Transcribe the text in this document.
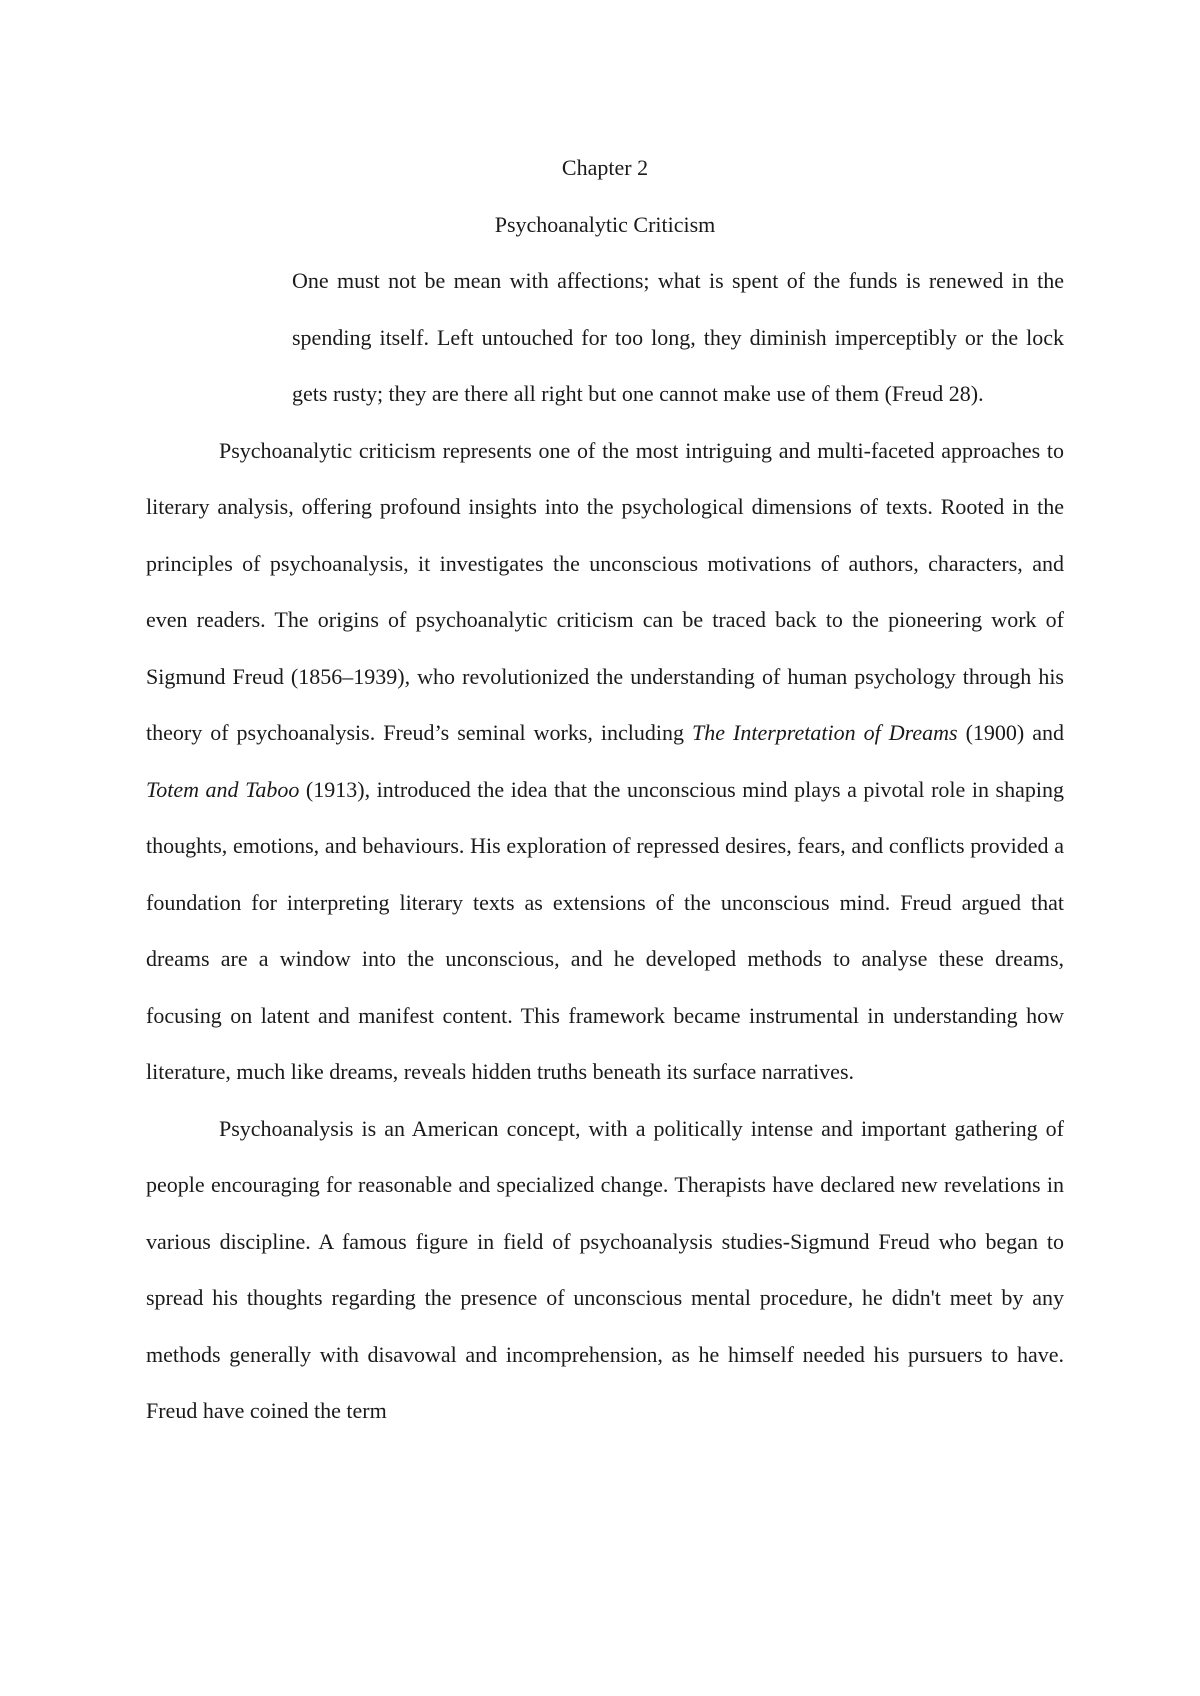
Chapter 2

Psychoanalytic Criticism

One must not be mean with affections; what is spent of the funds is renewed in the spending itself. Left untouched for too long, they diminish imperceptibly or the lock gets rusty; they are there all right but one cannot make use of them (Freud 28).

Psychoanalytic criticism represents one of the most intriguing and multi-faceted approaches to literary analysis, offering profound insights into the psychological dimensions of texts. Rooted in the principles of psychoanalysis, it investigates the unconscious motivations of authors, characters, and even readers. The origins of psychoanalytic criticism can be traced back to the pioneering work of Sigmund Freud (1856–1939), who revolutionized the understanding of human psychology through his theory of psychoanalysis. Freud’s seminal works, including The Interpretation of Dreams (1900) and Totem and Taboo (1913), introduced the idea that the unconscious mind plays a pivotal role in shaping thoughts, emotions, and behaviours. His exploration of repressed desires, fears, and conflicts provided a foundation for interpreting literary texts as extensions of the unconscious mind. Freud argued that dreams are a window into the unconscious, and he developed methods to analyse these dreams, focusing on latent and manifest content. This framework became instrumental in understanding how literature, much like dreams, reveals hidden truths beneath its surface narratives.

Psychoanalysis is an American concept, with a politically intense and important gathering of people encouraging for reasonable and specialized change. Therapists have declared new revelations in various discipline. A famous figure in field of psychoanalysis studies-Sigmund Freud who began to spread his thoughts regarding the presence of unconscious mental procedure, he didn't meet by any methods generally with disavowal and incomprehension, as he himself needed his pursuers to have. Freud have coined the term
